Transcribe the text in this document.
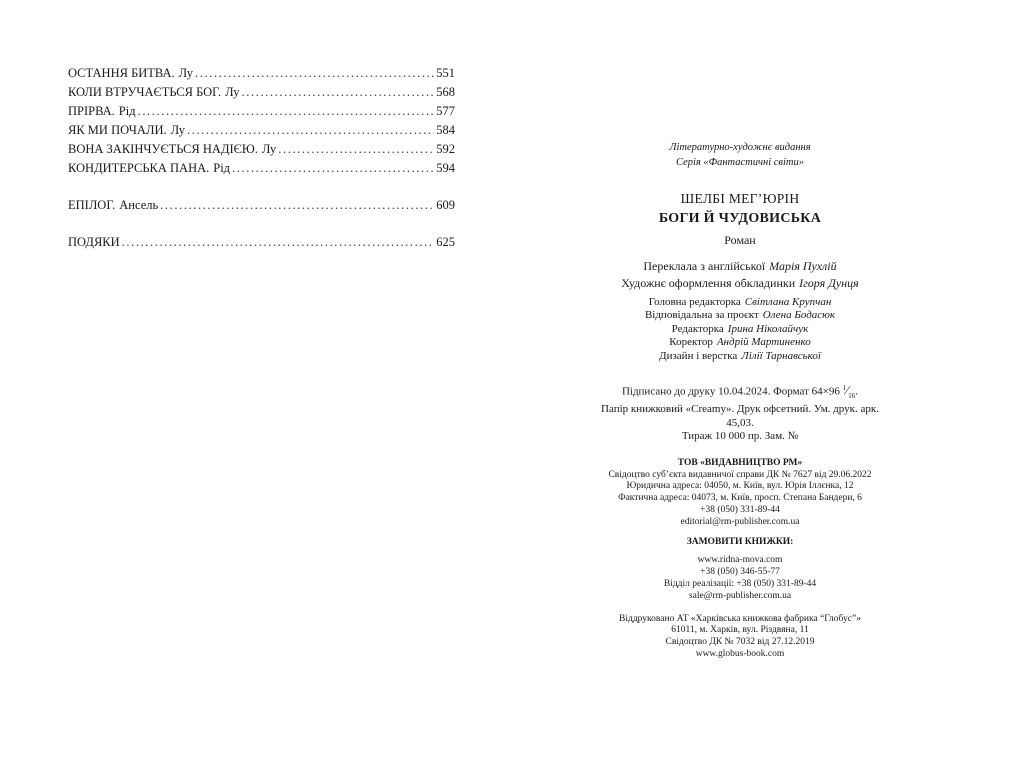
ОСТАННЯ БИТВА. Лу .....	551
КОЛИ ВТРУЧАЄТЬСЯ БОГ. Лу .....	568
ПРІРВА. Рід .....	577
ЯК МИ ПОЧАЛИ. Лу .....	584
ВОНА ЗАКІНЧУЄТЬСЯ НАДІЄЮ. Лу .....	592
КОНДИТЕРСЬКА ПАНА. Рід .....	594
ЕПІЛОГ. Ансель .....	609
ПОДЯКИ .....	625
Літературно-художнє видання
Серія «Фантастичні світи»
ШЕЛБІ МЕГ’ЮРІН
БОГИ Й ЧУДОВИСЬКА
Роман
Переклала з англійської Марія Пухлій
Художнє оформлення обкладинки Ігоря Дунця
Головна редакторка Світлана Крупчан
Відповідальна за проєкт Олена Бодасюк
Редакторка Ірина Ніколайчук
Коректор Андрій Мартиненко
Дизайн і верстка Лілії Тарнавської
Підписано до друку 10.04.2024. Формат 64×96 $^1⁄_{16}$.
Папір книжковий «Creamy». Друк офсетний. Ум. друк. арк. 45,03.
Тираж 10 000 пр. Зам. №
ТОВ «ВИДАВНИЦТВО РМ»
Свідоцтво суб’єкта видавничої справи ДК № 7627 від 29.06.2022
Юридична адреса: 04050, м. Київ, вул. Юрія Іллєнка, 12
Фактична адреса: 04073, м. Київ, просп. Степана Бандери, 6
+38 (050) 331-89-44
editorial@rm-publisher.com.ua
ЗАМОВИТИ КНИЖКИ:
www.ridna-mova.com
+38 (050) 346-55-77
Відділ реалізації: +38 (050) 331-89-44
sale@rm-publisher.com.ua
Віддруковано АТ «Харківська книжкова фабрика “Глобус”»
61011, м. Харків, вул. Різдвяна, 11
Свідоцтво ДК № 7032 від 27.12.2019
www.globus-book.com
